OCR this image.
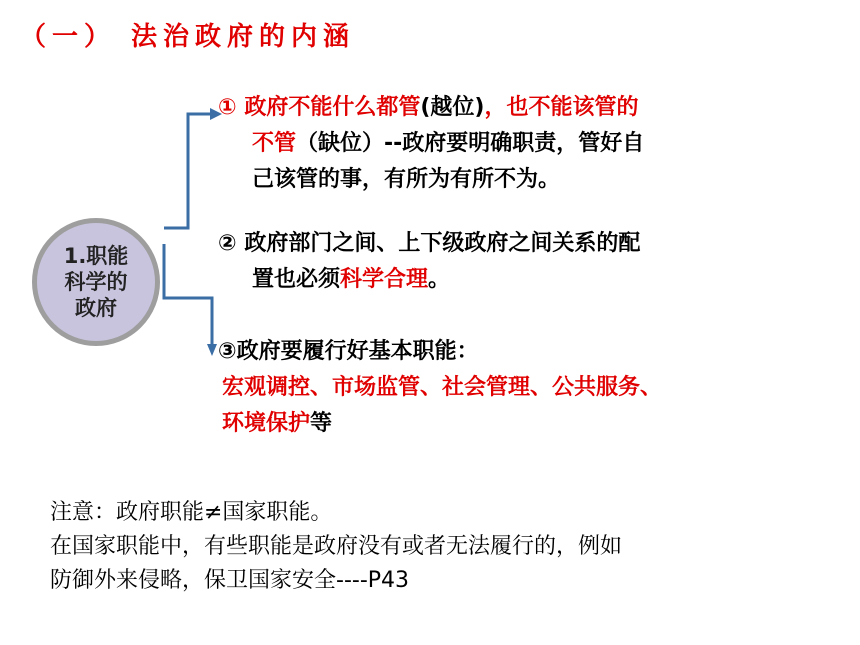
（一） 法治政府的内涵
1.职能
科学的
政府
① 政府不能什么都管(越位)，也不能该管的
不管（缺位）--政府要明确职责，管好自
己该管的事，有所为有所不为。
② 政府部门之间、上下级政府之间关系的配
置也必须科学合理。
③政府要履行好基本职能：
宏观调控、市场监管、社会管理、公共服务、
环境保护等
注意：政府职能≠国家职能。
在国家职能中，有些职能是政府没有或者无法履行的，例如
防御外来侵略，保卫国家安全----P43
